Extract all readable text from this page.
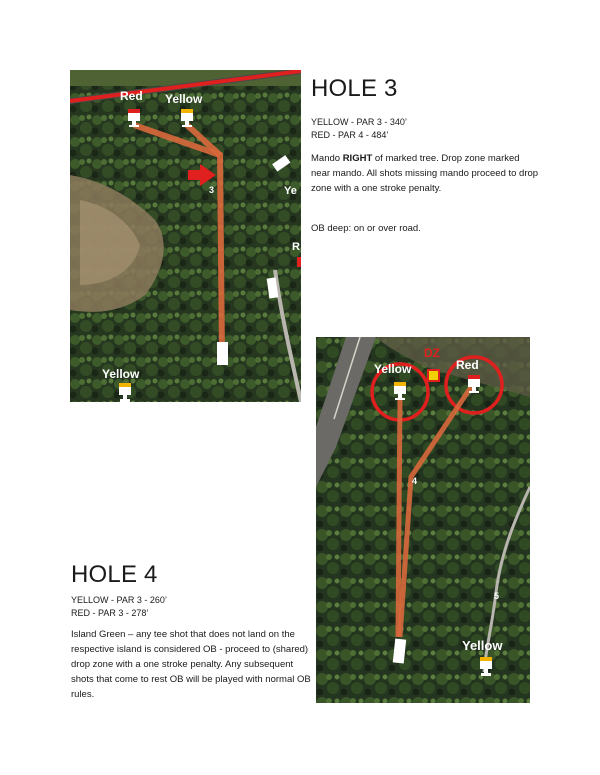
Red Yellow
3	Ye
R
Yellow
HOLE 3
YELLOW - PAR 3 - 340’
RED - PAR 4 - 484’

Mando RIGHT of marked tree. Drop zone marked near mando. All shots missing mando proceed to drop zone with a one stroke penalty.

OB deep: on or over road.

DZ
Yellow	Red
4
5
Yellow
HOLE 4
YELLOW - PAR 3 - 260’
RED - PAR 3 - 278’

Island Green – any tee shot that does not land on the respective island is considered OB - proceed to (shared) drop zone with a one stroke penalty. Any subsequent shots that come to rest OB will be played with normal OB rules.
